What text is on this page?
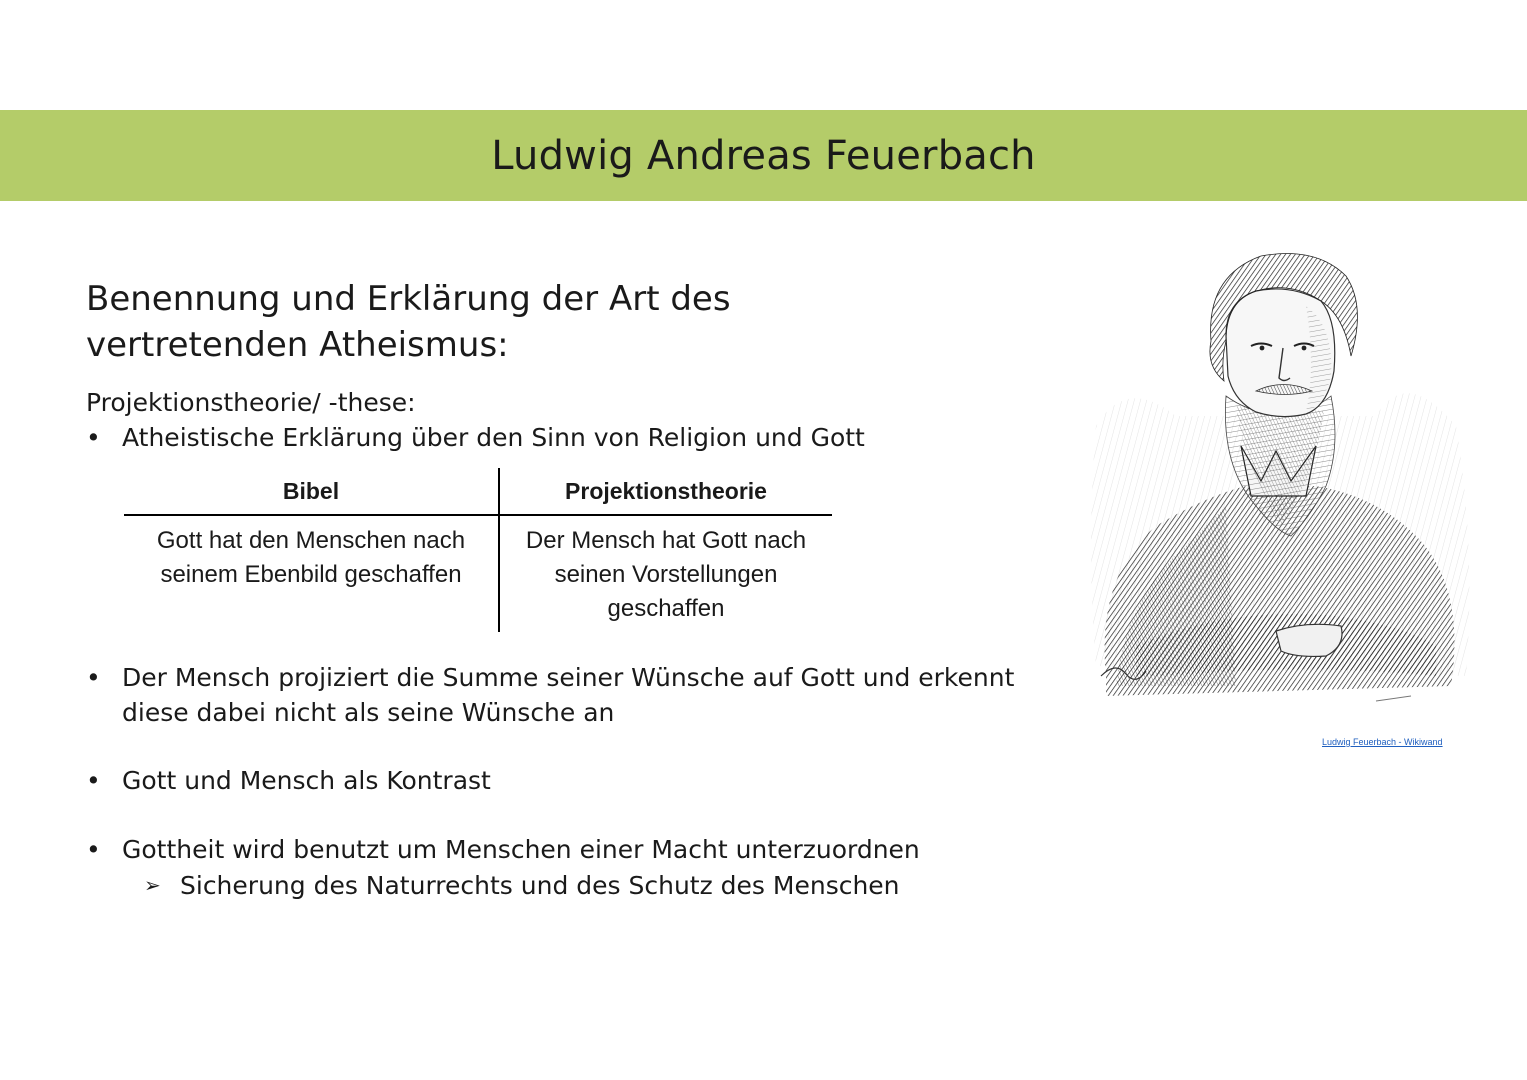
Ludwig Andreas Feuerbach
Benennung und Erklärung der Art des vertretenden Atheismus:
Projektionstheorie/ -these:
• Atheistische Erklärung über den Sinn von Religion und Gott
Bibel	Projektionstheorie
Gott hat den Menschen nach seinem Ebenbild geschaffen	Der Mensch hat Gott nach seinen Vorstellungen geschaffen
• Der Mensch projiziert die Summe seiner Wünsche auf Gott und erkennt diese dabei nicht als seine Wünsche an
• Gott und Mensch als Kontrast
• Gottheit wird benutzt um Menschen einer Macht unterzuordnen
➢ Sicherung des Naturrechts und des Schutz des Menschen
Ludwig Feuerbach - Wikiwand
